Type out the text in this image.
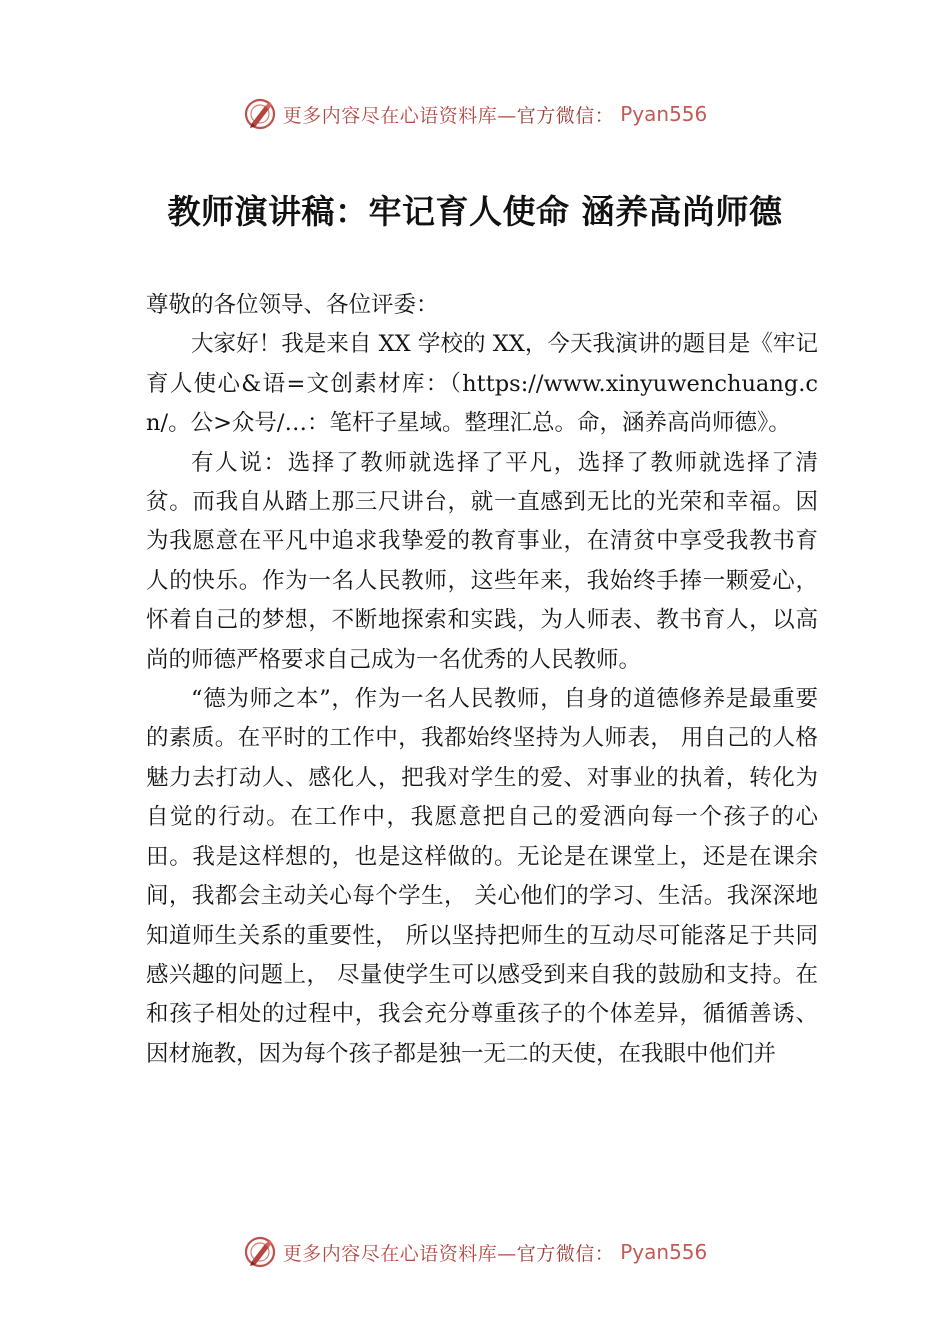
更多内容尽在心语资料库—官方微信： Pyan556
教师演讲稿：牢记育人使命 涵养高尚师德

尊敬的各位领导、各位评委：

大家好！我是来自 XX 学校的 XX，今天我演讲的题目是《牢记育人使心&语=文创素材库：（https://www.xinyuwenchuang.cn/。公>众号/…：笔杆子星域。整理汇总。命，涵养高尚师德》。

有人说：选择了教师就选择了平凡，选择了教师就选择了清贫。而我自从踏上那三尺讲台，就一直感到无比的光荣和幸福。因为我愿意在平凡中追求我挚爱的教育事业，在清贫中享受我教书育人的快乐。作为一名人民教师，这些年来，我始终手捧一颗爱心，怀着自己的梦想，不断地探索和实践，为人师表、教书育人，以高尚的师德严格要求自己成为一名优秀的人民教师。

“德为师之本”，作为一名人民教师，自身的道德修养是最重要的素质。在平时的工作中，我都始终坚持为人师表， 用自己的人格魅力去打动人、感化人，把我对学生的爱、对事业的执着，转化为自觉的行动。在工作中，我愿意把自己的爱洒向每一个孩子的心田。我是这样想的，也是这样做的。无论是在课堂上，还是在课余间，我都会主动关心每个学生， 关心他们的学习、生活。我深深地知道师生关系的重要性， 所以坚持把师生的互动尽可能落足于共同感兴趣的问题上， 尽量使学生可以感受到来自我的鼓励和支持。在和孩子相处的过程中，我会充分尊重孩子的个体差异，循循善诱、因材施教，因为每个孩子都是独一无二的天使，在我眼中他们并

更多内容尽在心语资料库—官方微信： Pyan556
